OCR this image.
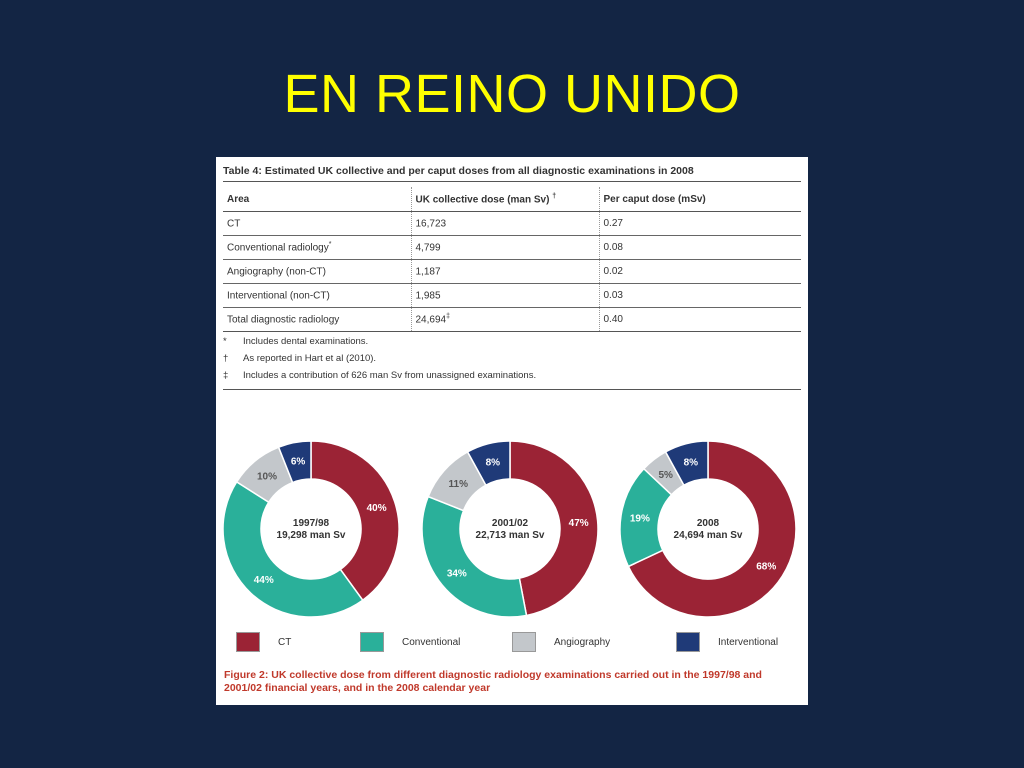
EN REINO UNIDO
Table 4: Estimated UK collective and per caput doses from all diagnostic examinations in 2008
Area	UK collective dose (man Sv) †	Per caput dose (mSv)
CT	16,723	0.27
Conventional radiology*	4,799	0.08
Angiography (non-CT)	1,187	0.02
Interventional (non-CT)	1,985	0.03
Total diagnostic radiology	24,694‡	0.40
*	Includes dental examinations.
†	As reported in Hart et al (2010).
‡	Includes a contribution of 626 man Sv from unassigned examinations.
40%
44%
10%
6%
1997/98
19,298 man Sv
47%
34%
11%
8%
2001/02
22,713 man Sv
68%
19%
5%
8%
2008
24,694 man Sv
CT	Conventional	Angiography	Interventional
Figure 2: UK collective dose from different diagnostic radiology examinations carried out in the 1997/98 and 2001/02 financial years, and in the 2008 calendar year
